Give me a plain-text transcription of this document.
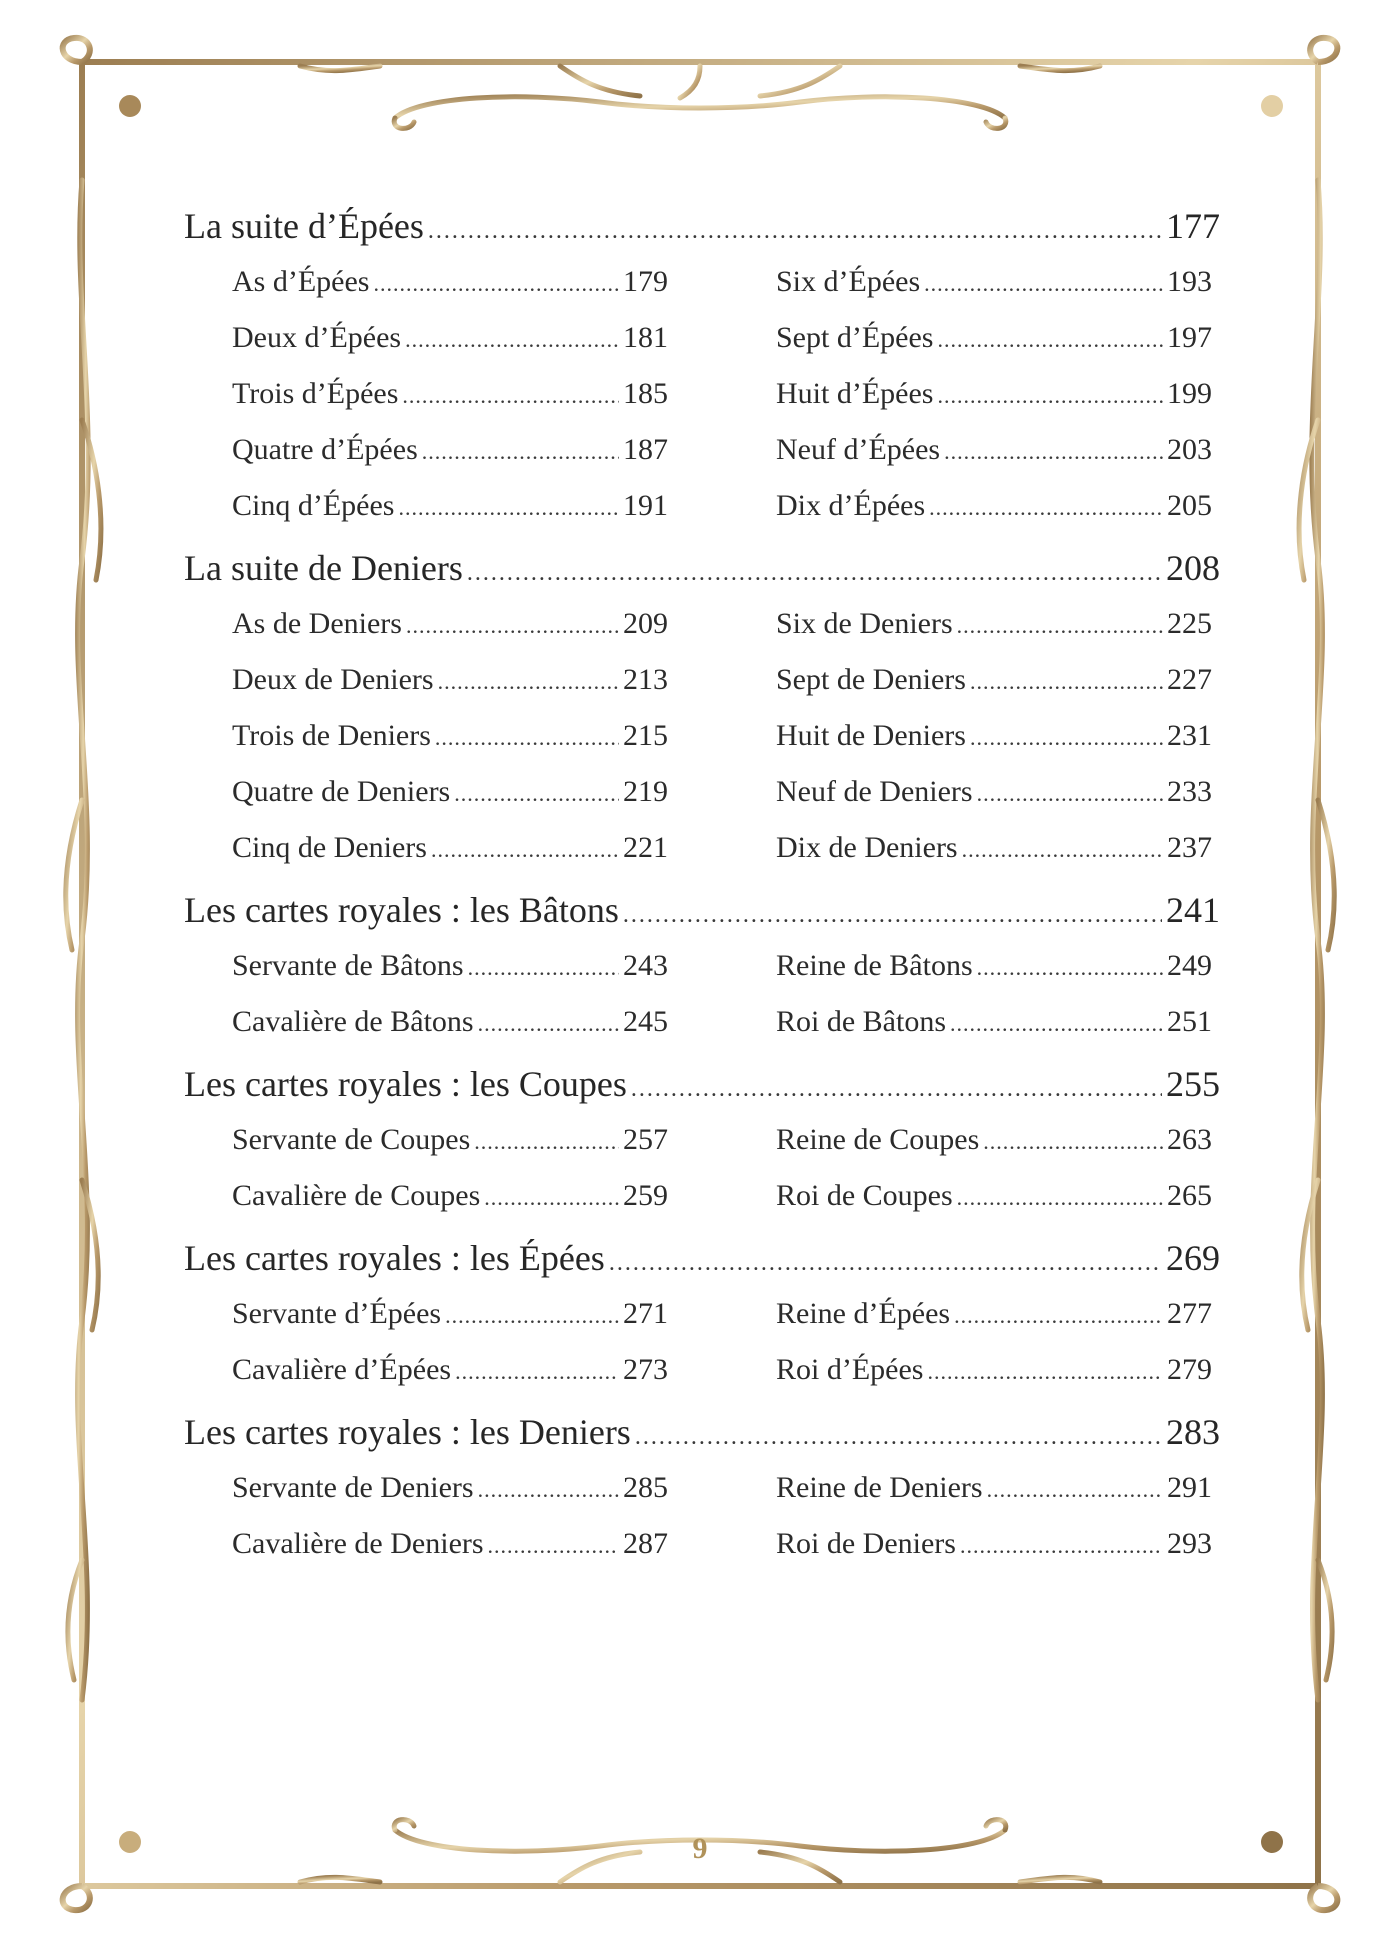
La suite d’Épées .....	177
As d’Épées .....	179	Six d’Épées .....	193
Deux d’Épées .....	181	Sept d’Épées .....	197
Trois d’Épées .....	185	Huit d’Épées .....	199
Quatre d’Épées .....	187	Neuf d’Épées .....	203
Cinq d’Épées .....	191	Dix d’Épées .....	205
La suite de Deniers .....	208
As de Deniers .....	209	Six de Deniers .....	225
Deux de Deniers .....	213	Sept de Deniers .....	227
Trois de Deniers .....	215	Huit de Deniers .....	231
Quatre de Deniers .....	219	Neuf de Deniers .....	233
Cinq de Deniers .....	221	Dix de Deniers .....	237
Les cartes royales : les Bâtons .....	241
Servante de Bâtons .....	243	Reine de Bâtons .....	249
Cavalière de Bâtons .....	245	Roi de Bâtons .....	251
Les cartes royales : les Coupes .....	255
Servante de Coupes .....	257	Reine de Coupes .....	263
Cavalière de Coupes .....	259	Roi de Coupes .....	265
Les cartes royales : les Épées .....	269
Servante d’Épées .....	271	Reine d’Épées .....	277
Cavalière d’Épées .....	273	Roi d’Épées .....	279
Les cartes royales : les Deniers .....	283
Servante de Deniers .....	285	Reine de Deniers .....	291
Cavalière de Deniers .....	287	Roi de Deniers .....	293
9
